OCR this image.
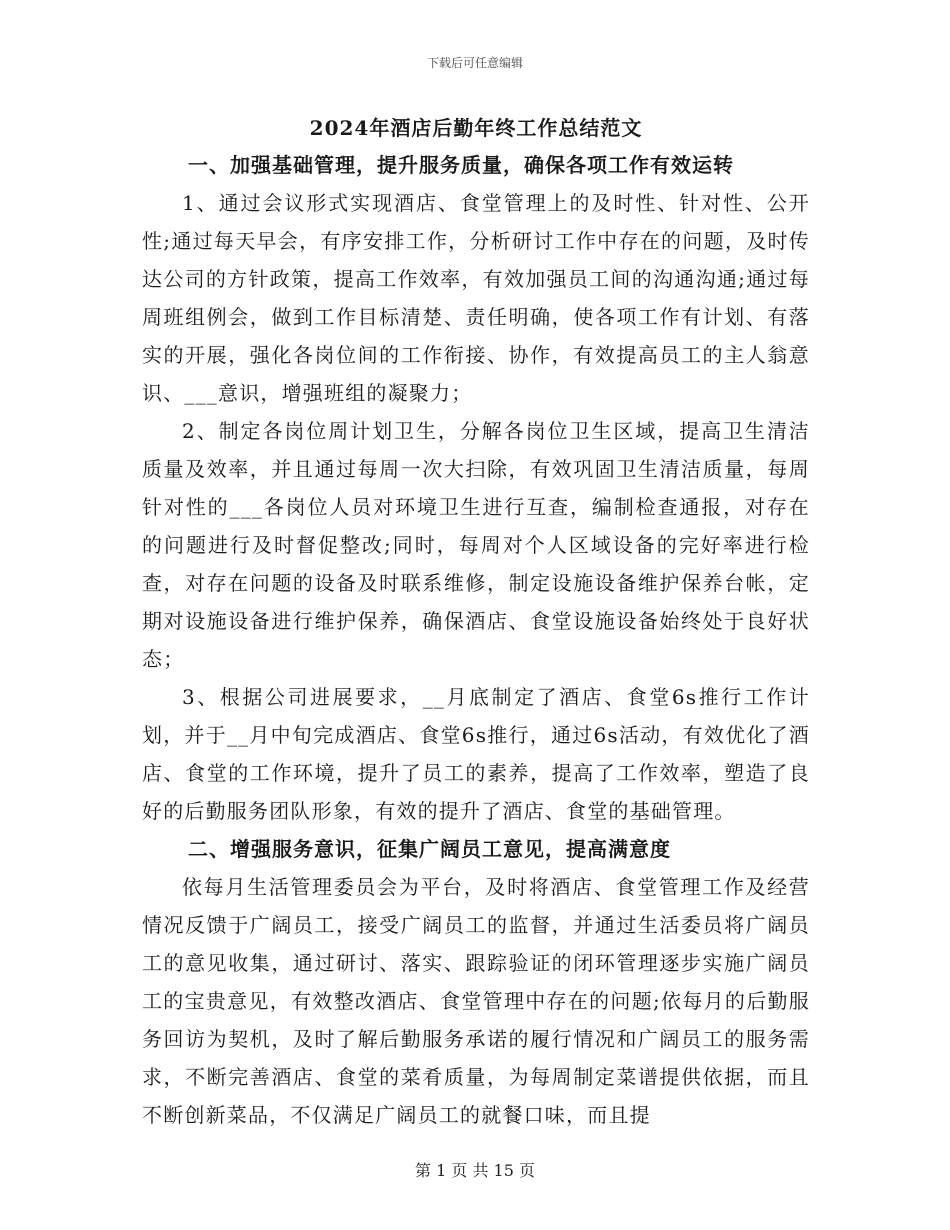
下载后可任意编辑
2024年酒店后勤年终工作总结范文
一、加强基础管理，提升服务质量，确保各项工作有效运转

1、通过会议形式实现酒店、食堂管理上的及时性、针对性、公开性;通过每天早会，有序安排工作，分析研讨工作中存在的问题，及时传达公司的方针政策，提高工作效率，有效加强员工间的沟通沟通;通过每周班组例会，做到工作目标清楚、责任明确，使各项工作有计划、有落实的开展，强化各岗位间的工作衔接、协作，有效提高员工的主人翁意识、___意识，增强班组的凝聚力；

2、制定各岗位周计划卫生，分解各岗位卫生区域，提高卫生清洁质量及效率，并且通过每周一次大扫除，有效巩固卫生清洁质量，每周针对性的___各岗位人员对环境卫生进行互查，编制检查通报，对存在的问题进行及时督促整改;同时，每周对个人区域设备的完好率进行检查，对存在问题的设备及时联系维修，制定设施设备维护保养台帐，定期对设施设备进行维护保养，确保酒店、食堂设施设备始终处于良好状态；

3、根据公司进展要求，__月底制定了酒店、食堂6s推行工作计划，并于__月中旬完成酒店、食堂6s推行，通过6s活动，有效优化了酒店、食堂的工作环境，提升了员工的素养，提高了工作效率，塑造了良好的后勤服务团队形象，有效的提升了酒店、食堂的基础管理。

二、增强服务意识，征集广阔员工意见，提高满意度

依每月生活管理委员会为平台，及时将酒店、食堂管理工作及经营情况反馈于广阔员工，接受广阔员工的监督，并通过生活委员将广阔员工的意见收集，通过研讨、落实、跟踪验证的闭环管理逐步实施广阔员工的宝贵意见，有效整改酒店、食堂管理中存在的问题;依每月的后勤服务回访为契机，及时了解后勤服务承诺的履行情况和广阔员工的服务需求，不断完善酒店、食堂的菜肴质量，为每周制定菜谱提供依据，而且不断创新菜品，不仅满足广阔员工的就餐口味，而且提

第 1 页 共 15 页
